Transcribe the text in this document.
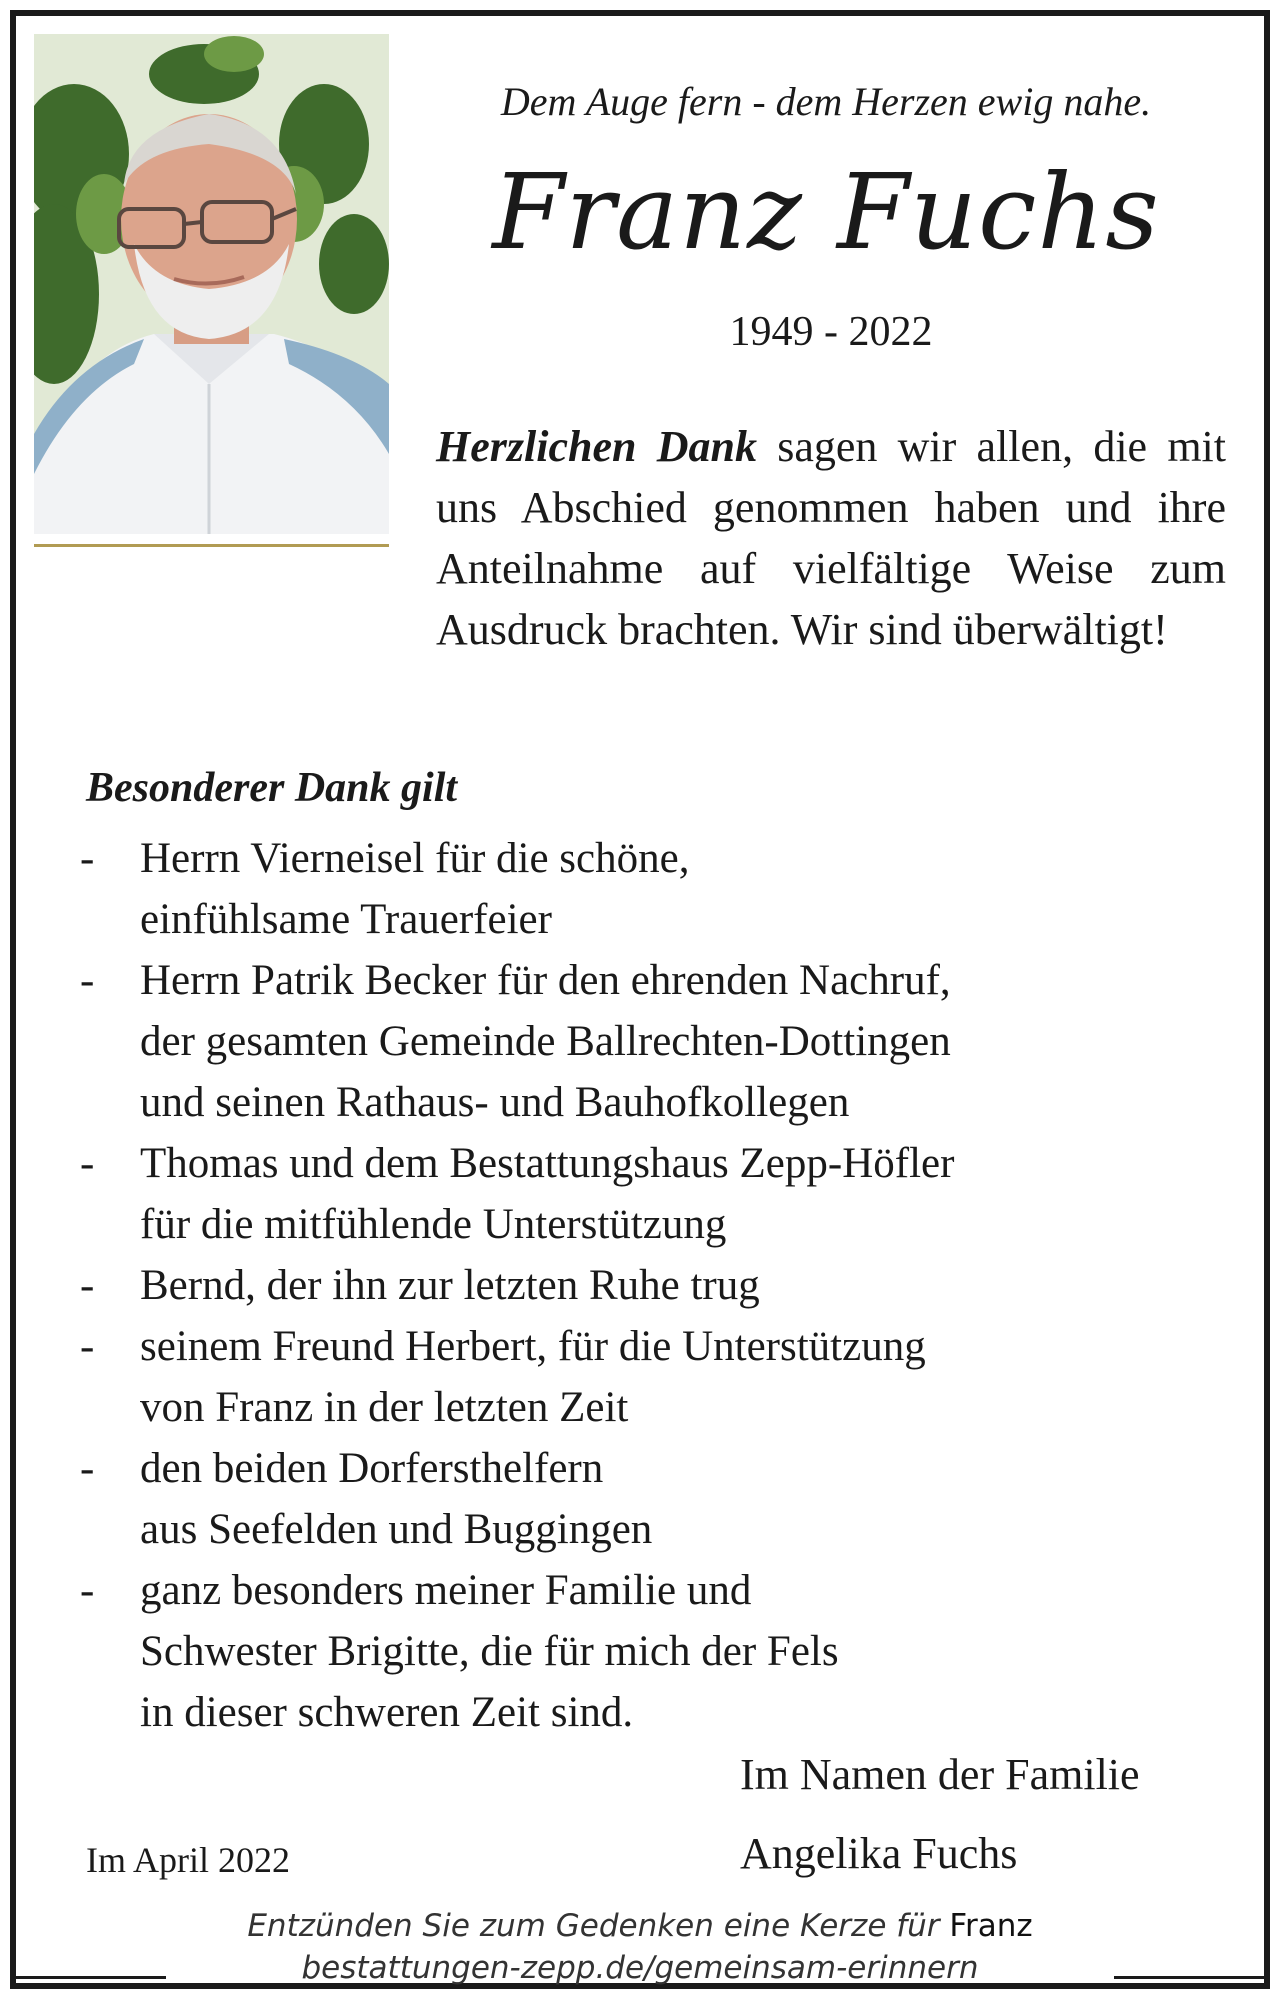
Dem Auge fern - dem Herzen ewig nahe.
Franz Fuchs
1949 - 2022
Herzlichen Dank sagen wir allen, die mit uns Abschied genommen haben und ihre Anteilnahme auf vielfältige Weise zum Ausdruck brachten. Wir sind überwältigt!
Besonderer Dank gilt
- Herrn Vierneisel für die schöne,
einfühlsame Trauerfeier
- Herrn Patrik Becker für den ehrenden Nachruf,
der gesamten Gemeinde Ballrechten-Dottingen
und seinen Rathaus- und Bauhofkollegen
- Thomas und dem Bestattungshaus Zepp-Höfler
für die mitfühlende Unterstützung
- Bernd, der ihn zur letzten Ruhe trug
- seinem Freund Herbert, für die Unterstützung
von Franz in der letzten Zeit
- den beiden Dorfersthelfern
aus Seefelden und Buggingen
- ganz besonders meiner Familie und
Schwester Brigitte, die für mich der Fels
in dieser schweren Zeit sind.
Im Namen der Familie
Angelika Fuchs
Im April 2022
Entzünden Sie zum Gedenken eine Kerze für Franz
bestattungen-zepp.de/gemeinsam-erinnern
